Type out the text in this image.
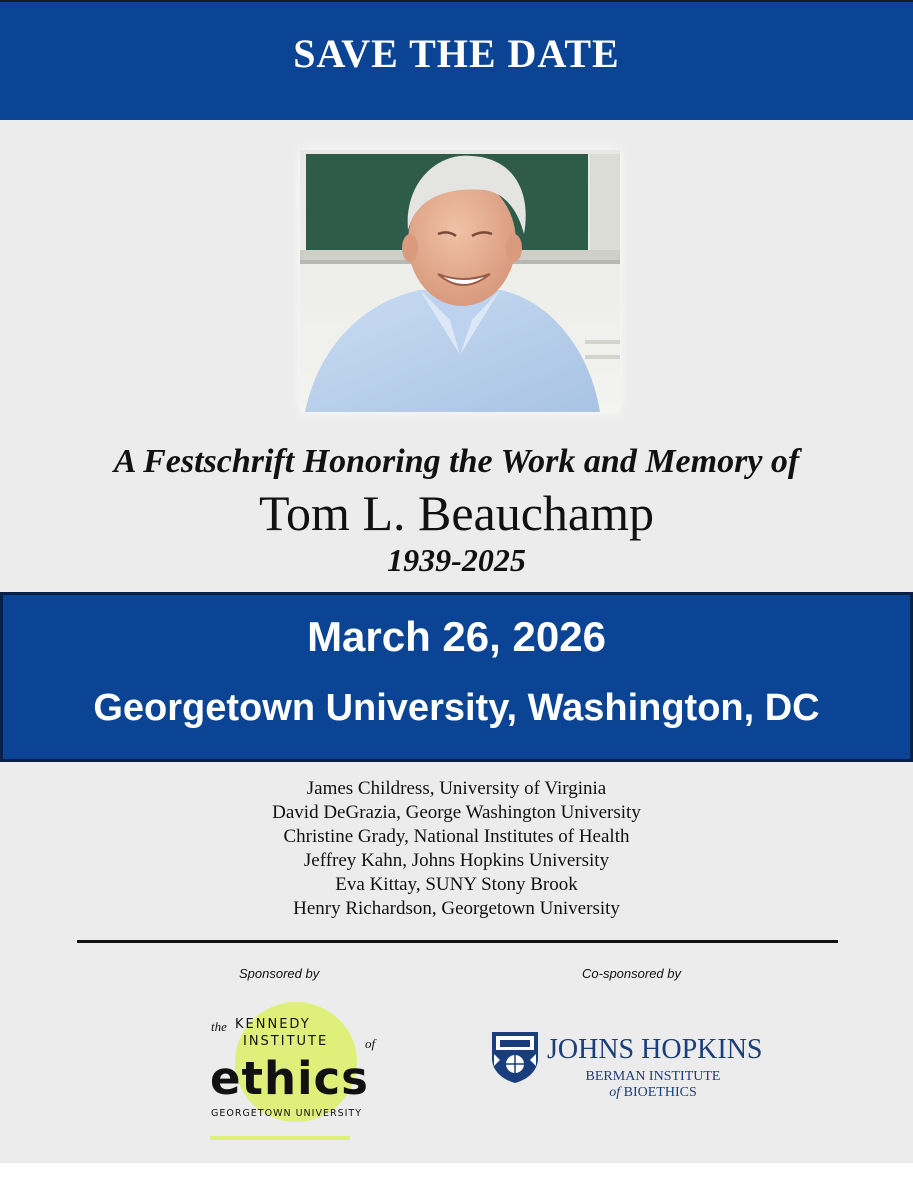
SAVE THE DATE
A Festschrift Honoring the Work and Memory of
Tom L. Beauchamp
1939-2025
March 26, 2026
Georgetown University, Washington, DC
James Childress, University of Virginia
David DeGrazia, George Washington University
Christine Grady, National Institutes of Health
Jeffrey Kahn, Johns Hopkins University
Eva Kittay, SUNY Stony Brook
Henry Richardson, Georgetown University
Sponsored by	Co-sponsored by
the KENNEDY
INSTITUTE	of
ethics
GEORGETOWN UNIVERSITY
JOHNS HOPKINS
BERMAN INSTITUTE
of BIOETHICS
